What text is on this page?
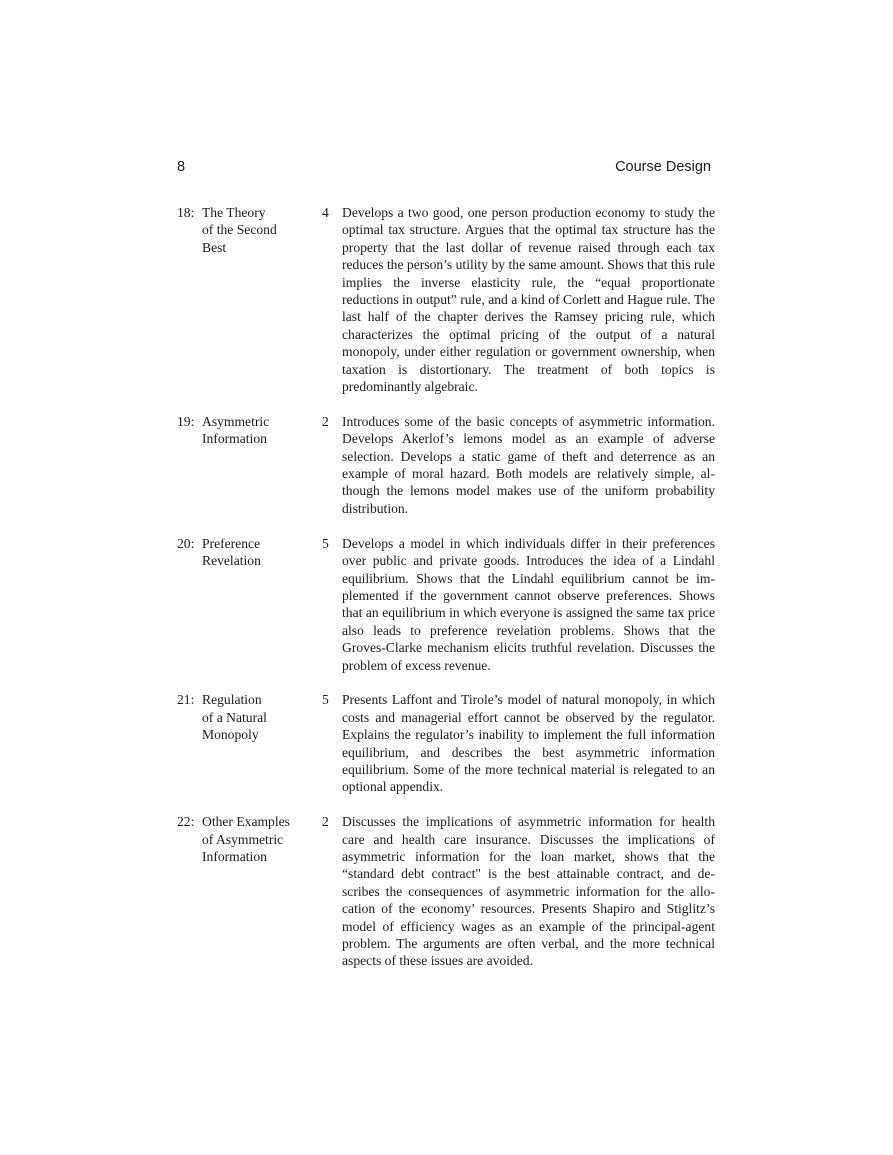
8	Course Design
18: The Theory
of the Second
Best
4 Develops a two good, one person production economy to study the optimal tax structure. Argues that the optimal tax structure has the property that the last dollar of revenue raised through each tax reduces the person’s utility by the same amount. Shows that this rule implies the inverse elasticity rule, the “equal proportionate reductions in output” rule, and a kind of Corlett and Hague rule. The last half of the chapter derives the Ramsey pricing rule, which characterizes the optimal pricing of the output of a natural monopoly, under either regulation or government ownership, when taxation is distortionary. The treatment of both topics is predominantly algebraic.
19: Asymmetric
Information
2 Introduces some of the basic concepts of asymmetric information. Develops Akerlof’s lemons model as an example of adverse selection. Develops a static game of theft and deterrence as an example of moral hazard. Both models are relatively simple, although the lemons model makes use of the uniform probability distribution.
20: Preference
Revelation
5 Develops a model in which individuals differ in their preferences over public and private goods. Introduces the idea of a Lindahl equilibrium. Shows that the Lindahl equilibrium cannot be implemented if the government cannot observe preferences. Shows that an equilibrium in which everyone is assigned the same tax price also leads to preference revelation problems. Shows that the Groves-Clarke mechanism elicits truthful revelation. Discusses the problem of excess revenue.
21: Regulation
of a Natural
Monopoly
5 Presents Laffont and Tirole’s model of natural monopoly, in which costs and managerial effort cannot be observed by the regulator. Explains the regulator’s inability to implement the full information equilibrium, and describes the best asymmetric information equilibrium. Some of the more technical material is relegated to an optional appendix.
22: Other Examples
of Asymmetric
Information
2 Discusses the implications of asymmetric information for health care and health care insurance. Discusses the implications of asymmetric information for the loan market, shows that the “standard debt contract" is the best attainable contract, and describes the consequences of asymmetric information for the allocation of the economy’ resources. Presents Shapiro and Stiglitz’s model of efficiency wages as an example of the principal-agent problem. The arguments are often verbal, and the more technical aspects of these issues are avoided.
